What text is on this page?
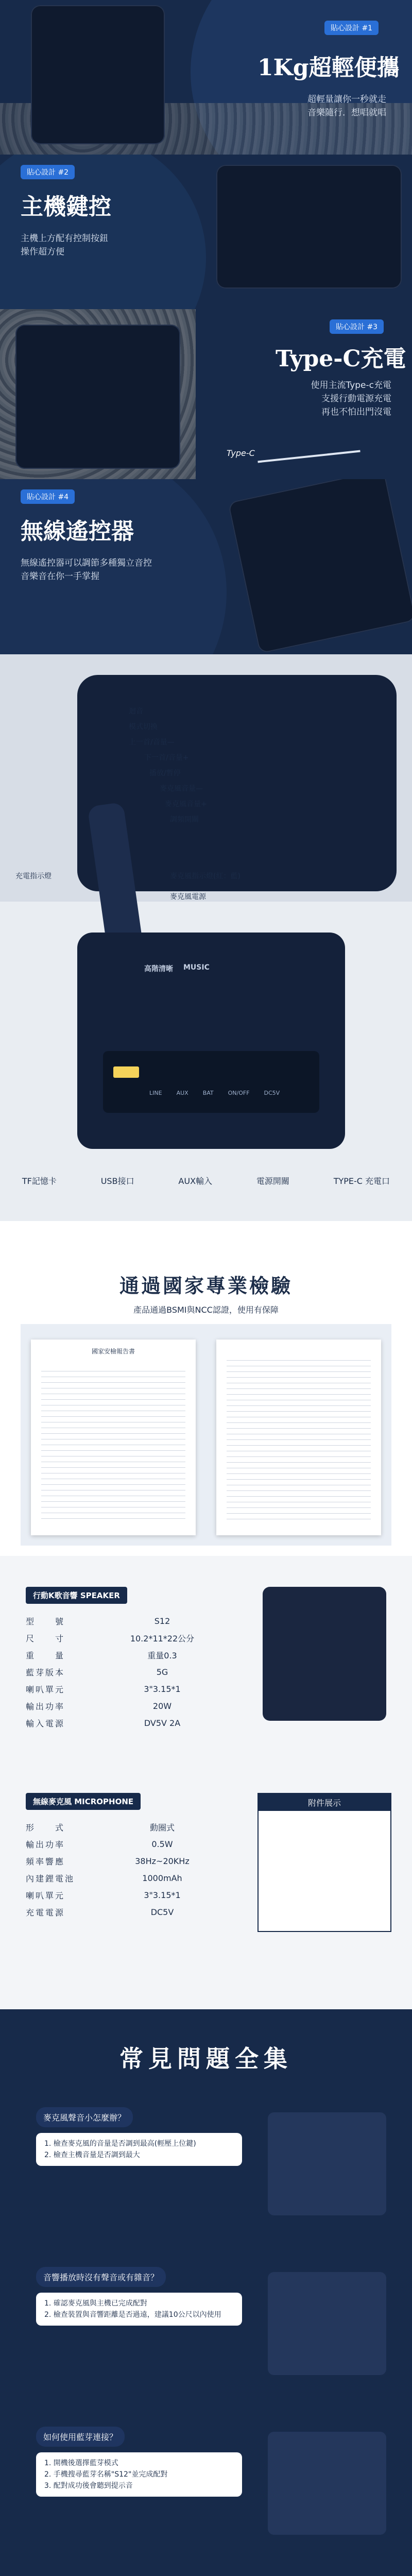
貼心設計 #1
1Kg超輕便攜
超輕量讓你一秒就走
音樂隨行．想唱就唱
貼心設計 #2
主機鍵控
主機上方配有控制按鈕
操作超方便
貼心設計 #3
Type-C充電
使用主流Type-c充電
支援行動電源充電
再也不怕出門沒電
Type-C
貼心設計 #4
無線遙控器
無線遙控器可以調節多種獨立音控
音樂音在你一手掌握
迴音
模式切換
上一首/音量—
下一首/音量+
播放/暫停
麥克風音量—
麥克風音量+
調頻開關
充電指示燈	麥克風指示燈(紅：藍)
麥克風電源
高階清晰 MUSIC
LINE	AUX	BAT	ON/OFF	DC5V
TF記憶卡	USB接口	AUX輸入	電源開關	TYPE-C 充電口
通過國家專業檢驗
產品通過BSMI與NCC認證，使用有保障
國家安檢報告書
行動K歌音響 SPEAKER
型　　號	S12
尺　　寸	10.2*11*22公分
重　　量	重量0.3
藍芽版本	5G
喇叭單元	3"3.15*1
輸出功率	20W
輸入電源	DV5V 2A
無線麥克風 MICROPHONE
形　　式	動圈式
輸出功率	0.5W
頻率響應	38Hz~20KHz
內建鋰電池	1000mAh
喇叭單元	3"3.15*1
充電電源	DC5V
附件展示
常見問題全集
麥克風聲音小怎麼辦？
1. 檢查麥克風的音量是否調到最高(輕壓上位鍵)
2. 檢查主機音量是否調到最大
音響播放時沒有聲音或有雜音？
1. 確認麥克風與主機已完成配對
2. 檢查裝置與音響距離是否過遠，建議10公尺以內使用
如何使用藍芽連接？
1. 開機後選擇藍芽模式
2. 手機搜尋藍芽名稱"S12"並完成配對
3. 配對成功後會聽到提示音
